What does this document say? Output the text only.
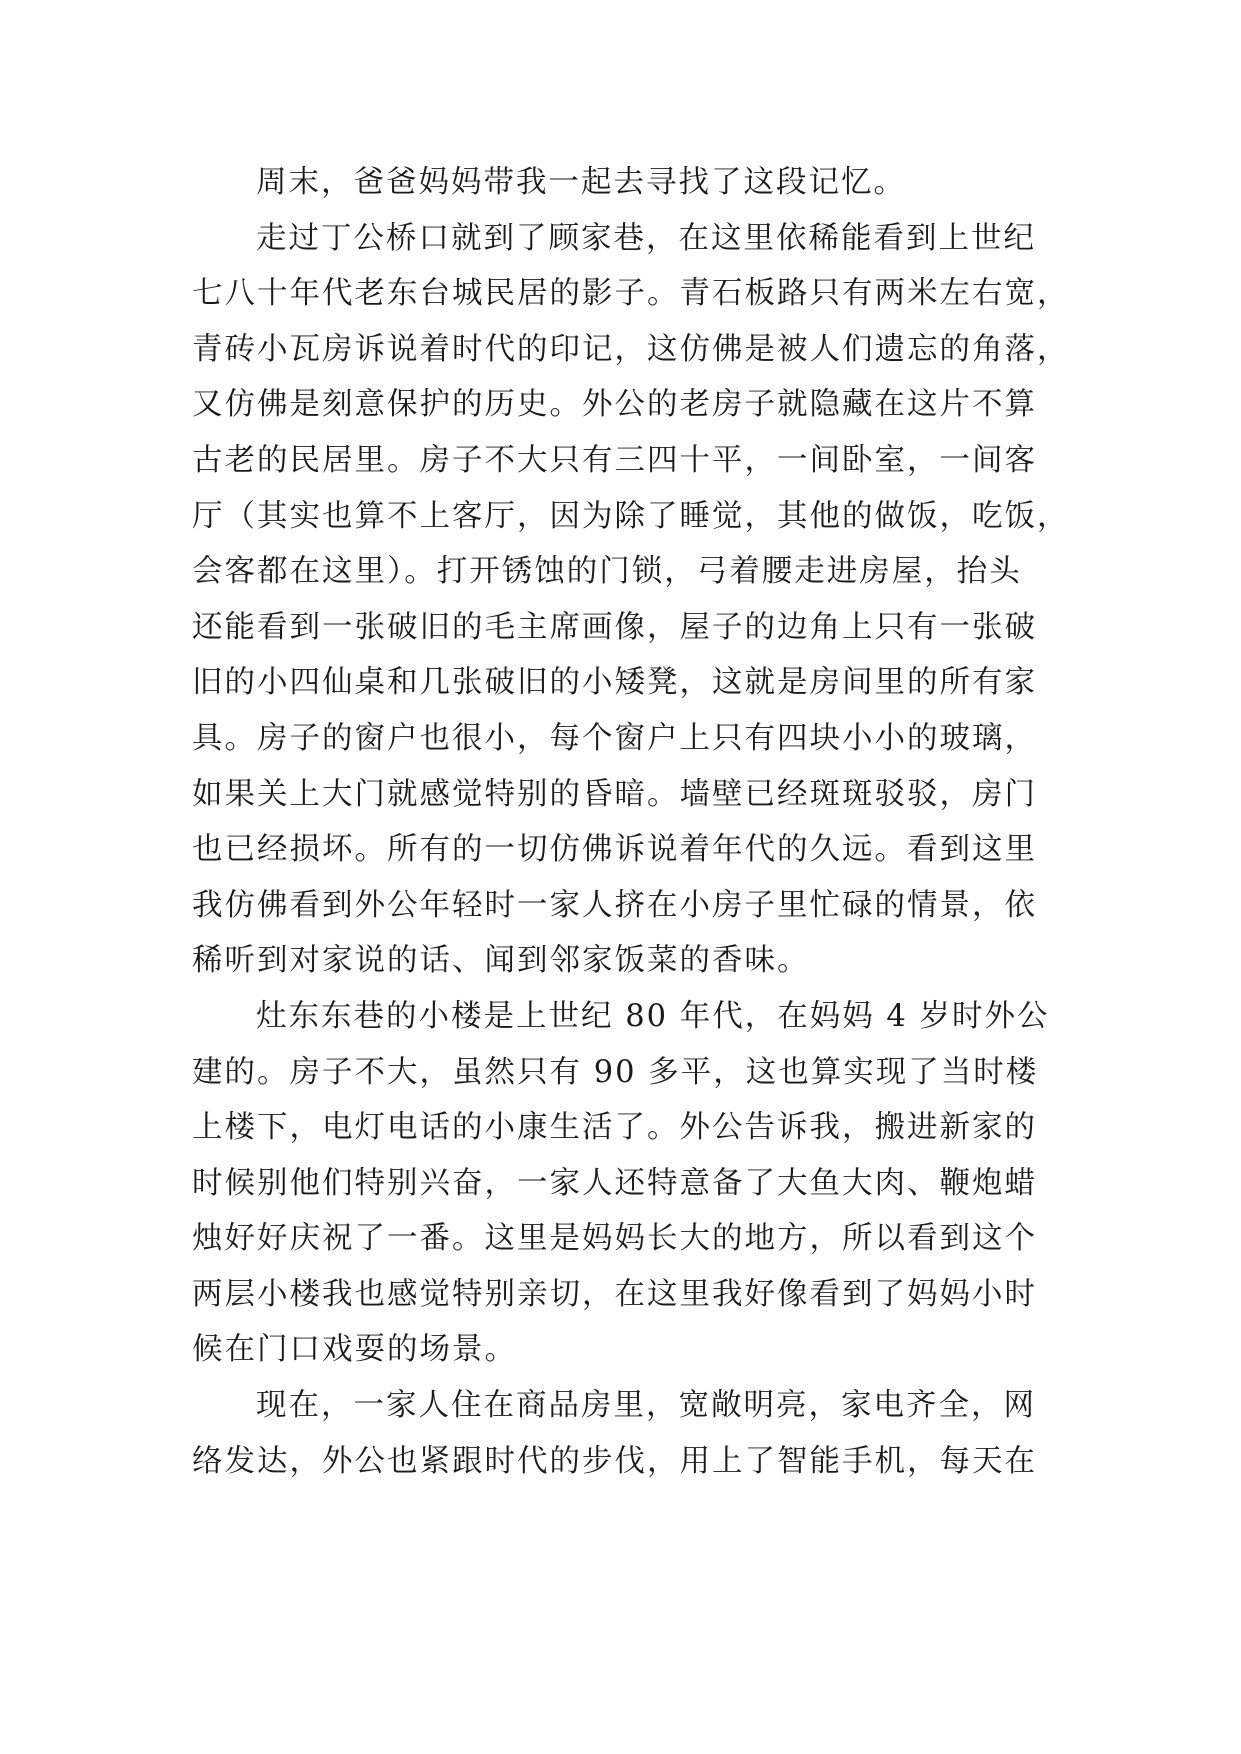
周末，爸爸妈妈带我一起去寻找了这段记忆。
走过丁公桥口就到了顾家巷，在这里依稀能看到上世纪
七八十年代老东台城民居的影子。青石板路只有两米左右宽，
青砖小瓦房诉说着时代的印记，这仿佛是被人们遗忘的角落，
又仿佛是刻意保护的历史。外公的老房子就隐藏在这片不算
古老的民居里。房子不大只有三四十平，一间卧室，一间客
厅（其实也算不上客厅，因为除了睡觉，其他的做饭，吃饭，
会客都在这里）。打开锈蚀的门锁，弓着腰走进房屋，抬头
还能看到一张破旧的毛主席画像，屋子的边角上只有一张破
旧的小四仙桌和几张破旧的小矮凳，这就是房间里的所有家
具。房子的窗户也很小，每个窗户上只有四块小小的玻璃，
如果关上大门就感觉特别的昏暗。墙壁已经斑斑驳驳，房门
也已经损坏。所有的一切仿佛诉说着年代的久远。看到这里
我仿佛看到外公年轻时一家人挤在小房子里忙碌的情景，依
稀听到对家说的话、闻到邻家饭菜的香味。
灶东东巷的小楼是上世纪 80 年代，在妈妈 4 岁时外公
建的。房子不大，虽然只有 90 多平，这也算实现了当时楼
上楼下，电灯电话的小康生活了。外公告诉我，搬进新家的
时候别他们特别兴奋，一家人还特意备了大鱼大肉、鞭炮蜡
烛好好庆祝了一番。这里是妈妈长大的地方，所以看到这个
两层小楼我也感觉特别亲切，在这里我好像看到了妈妈小时
候在门口戏耍的场景。
现在，一家人住在商品房里，宽敞明亮，家电齐全，网
络发达，外公也紧跟时代的步伐，用上了智能手机，每天在
